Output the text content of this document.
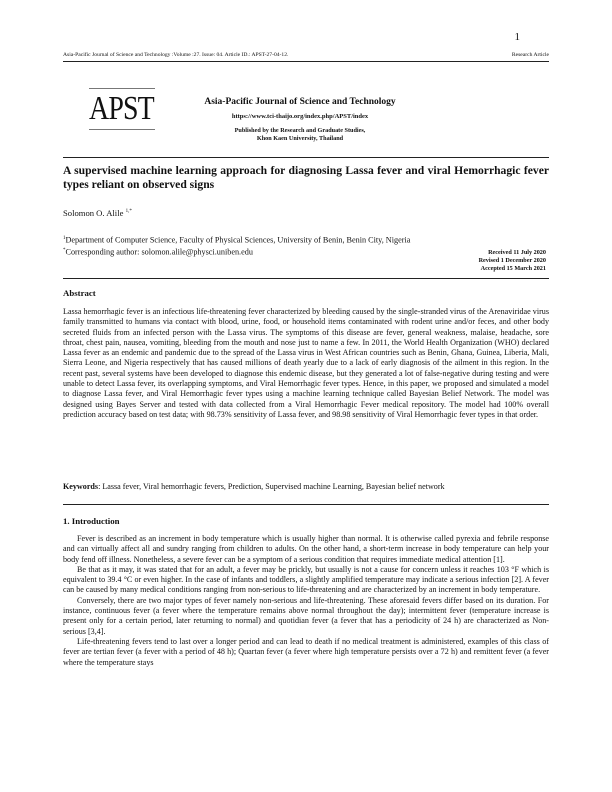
1
Asia-Pacific Journal of Science and Technology :Volume :27. Issue: 04. Article ID.: APST-27-04-12.	Research Article
APST	Asia-Pacific Journal of Science and Technology
https://www.tci-thaijo.org/index.php/APST/index
Published by the Research and Graduate Studies,
Khon Kaen University, Thailand
A supervised machine learning approach for diagnosing Lassa fever and viral Hemorrhagic fever types reliant on observed signs
Solomon O. Alile $^{1,*}$
$^1$Department of Computer Science, Faculty of Physical Sciences, University of Benin, Benin City, Nigeria
*Corresponding author: solomon.alile@physci.uniben.edu	Received 11 July 2020
Revised 1 December 2020
Accepted 15 March 2021
Abstract

Lassa hemorrhagic fever is an infectious life-threatening fever characterized by bleeding caused by the single-stranded virus of the Arenaviridae virus family transmitted to humans via contact with blood, urine, food, or household items contaminated with rodent urine and/or feces, and other body secreted fluids from an infected person with the Lassa virus. The symptoms of this disease are fever, general weakness, malaise, headache, sore throat, chest pain, nausea, vomiting, bleeding from the mouth and nose just to name a few. In 2011, the World Health Organization (WHO) declared Lassa fever as an endemic and pandemic due to the spread of the Lassa virus in West African countries such as Benin, Ghana, Guinea, Liberia, Mali, Sierra Leone, and Nigeria respectively that has caused millions of death yearly due to a lack of early diagnosis of the ailment in this region. In the recent past, several systems have been developed to diagnose this endemic disease, but they generated a lot of false-negative during testing and were unable to detect Lassa fever, its overlapping symptoms, and Viral Hemorrhagic fever types. Hence, in this paper, we proposed and simulated a model to diagnose Lassa fever, and Viral Hemorrhagic fever types using a machine learning technique called Bayesian Belief Network. The model was designed using Bayes Server and tested with data collected from a Viral Hemorrhagic Fever medical repository. The model had 100% overall prediction accuracy based on test data; with 98.73% sensitivity of Lassa fever, and 98.98 sensitivity of Viral Hemorrhagic fever types in that order.

Keywords: Lassa fever, Viral hemorrhagic fevers, Prediction, Supervised machine Learning, Bayesian belief network

1. Introduction

Fever is described as an increment in body temperature which is usually higher than normal. It is otherwise called pyrexia and febrile response and can virtually affect all and sundry ranging from children to adults. On the other hand, a short-term increase in body temperature can help your body fend off illness. Nonetheless, a severe fever can be a symptom of a serious condition that requires immediate medical attention [1].

Be that as it may, it was stated that for an adult, a fever may be prickly, but usually is not a cause for concern unless it reaches 103 °F which is equivalent to 39.4 °C or even higher. In the case of infants and toddlers, a slightly amplified temperature may indicate a serious infection [2]. A fever can be caused by many medical conditions ranging from non-serious to life-threatening and are characterized by an increment in body temperature.

Conversely, there are two major types of fever namely non-serious and life-threatening. These aforesaid fevers differ based on its duration. For instance, continuous fever (a fever where the temperature remains above normal throughout the day); intermittent fever (temperature increase is present only for a certain period, later returning to normal) and quotidian fever (a fever that has a periodicity of 24 h) are characterized as Non-serious [3,4].

Life-threatening fevers tend to last over a longer period and can lead to death if no medical treatment is administered, examples of this class of fever are tertian fever (a fever with a period of 48 h); Quartan fever (a fever where high temperature persists over a 72 h) and remittent fever (a fever where the temperature stays
